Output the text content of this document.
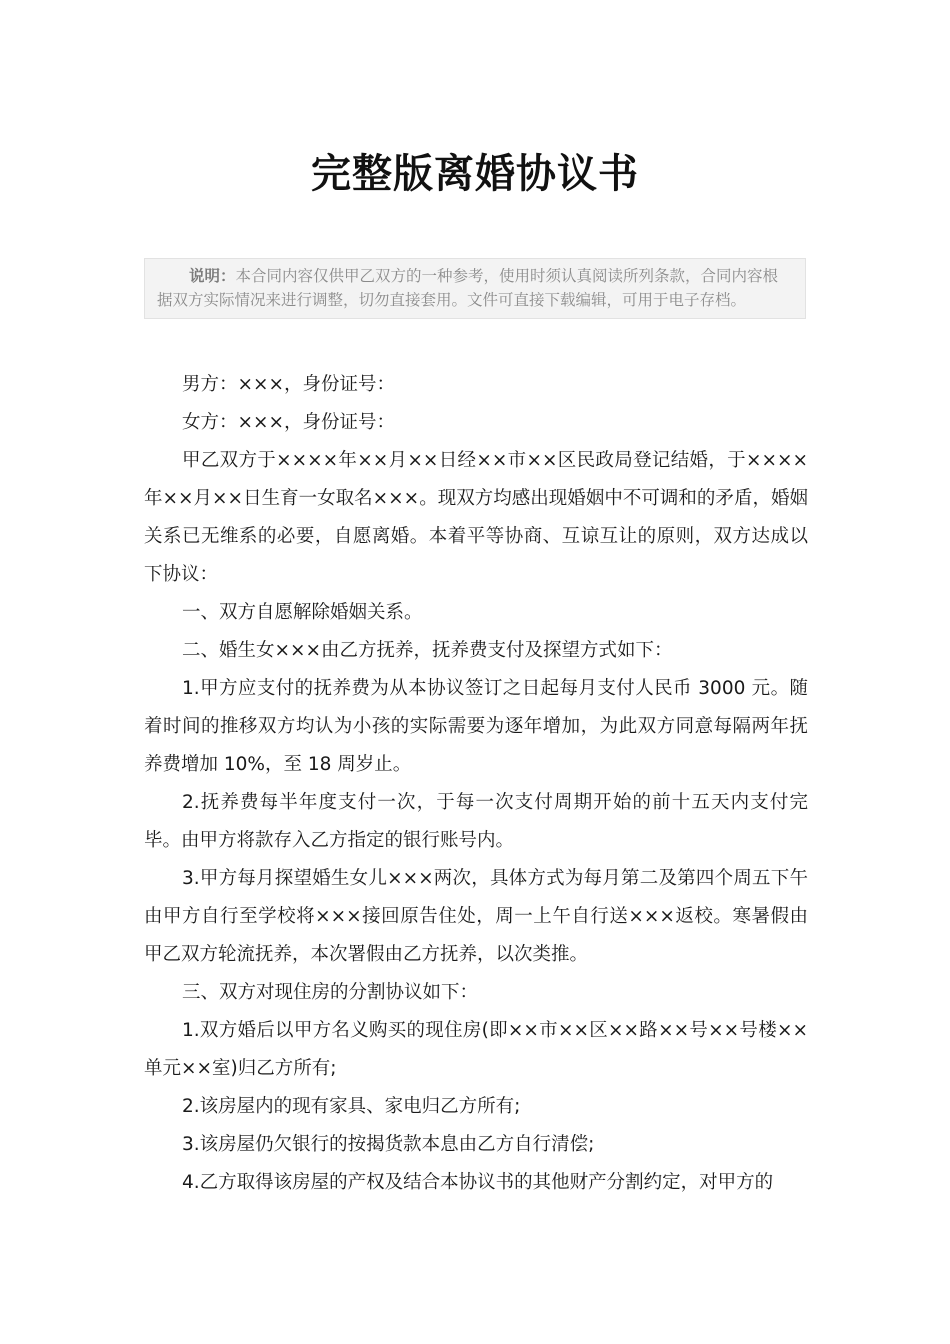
完整版离婚协议书
说明：本合同内容仅供甲乙双方的一种参考，使用时须认真阅读所列条款，合同内容根据双方实际情况来进行调整，切勿直接套用。文件可直接下载编辑，可用于电子存档。

男方：×××，身份证号：

女方：×××，身份证号：

甲乙双方于××××年××月××日经××市××区民政局登记结婚，于××××年××月××日生育一女取名×××。现双方均感出现婚姻中不可调和的矛盾，婚姻关系已无维系的必要，自愿离婚。本着平等协商、互谅互让的原则，双方达成以下协议：

一、双方自愿解除婚姻关系。

二、婚生女×××由乙方抚养，抚养费支付及探望方式如下：

1.甲方应支付的抚养费为从本协议签订之日起每月支付人民币 3000 元。随着时间的推移双方均认为小孩的实际需要为逐年增加，为此双方同意每隔两年抚养费增加 10%，至 18 周岁止。

2.抚养费每半年度支付一次，于每一次支付周期开始的前十五天内支付完毕。由甲方将款存入乙方指定的银行账号内。

3.甲方每月探望婚生女儿×××两次，具体方式为每月第二及第四个周五下午由甲方自行至学校将×××接回原告住处，周一上午自行送×××返校。寒暑假由甲乙双方轮流抚养，本次署假由乙方抚养，以次类推。

三、双方对现住房的分割协议如下：

1.双方婚后以甲方名义购买的现住房(即××市××区××路××号××号楼××单元××室)归乙方所有;

2.该房屋内的现有家具、家电归乙方所有;

3.该房屋仍欠银行的按揭货款本息由乙方自行清偿;

4.乙方取得该房屋的产权及结合本协议书的其他财产分割约定，对甲方的
